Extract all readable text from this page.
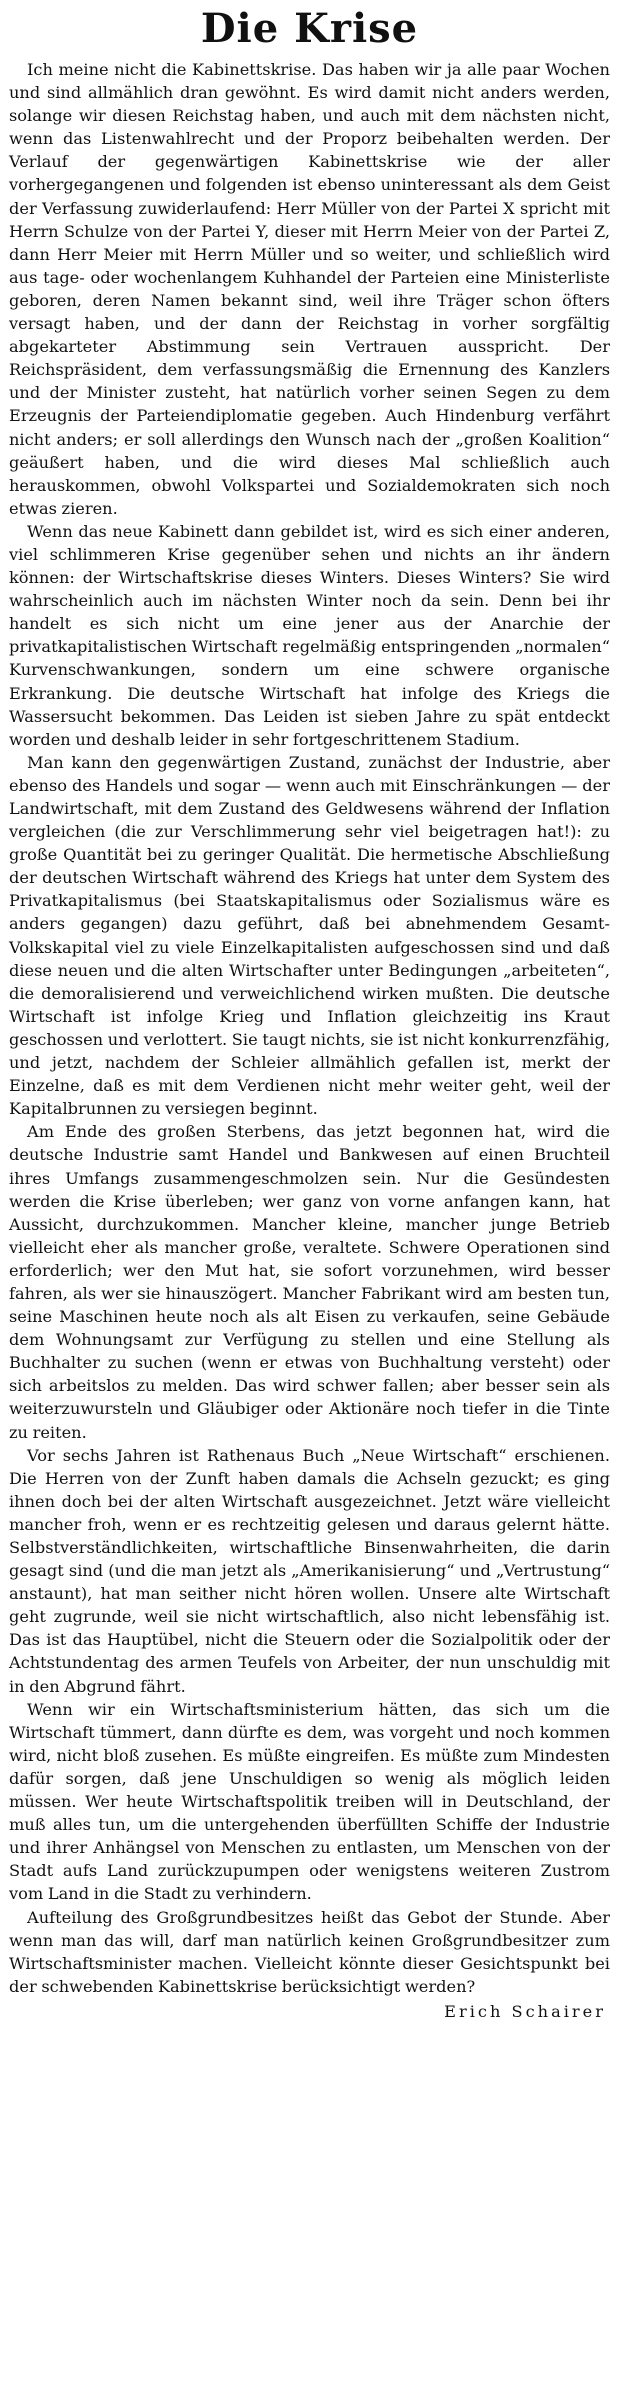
Die Krise

Ich meine nicht die Kabinettskrise. Das haben wir ja alle paar Wochen und sind allmählich dran gewöhnt. Es wird damit nicht anders werden, solange wir diesen Reichstag haben, und auch mit dem nächsten nicht, wenn das Listenwahlrecht und der Proporz beibehalten werden. Der Verlauf der gegenwärtigen Kabinettskrise wie der aller vorhergegangenen und folgenden ist ebenso uninteressant als dem Geist der Verfassung zuwiderlaufend: Herr Müller von der Partei X spricht mit Herrn Schulze von der Partei Y, dieser mit Herrn Meier von der Partei Z, dann Herr Meier mit Herrn Müller und so weiter, und schließlich wird aus tage- oder wochenlangem Kuhhandel der Parteien eine Ministerliste geboren, deren Namen bekannt sind, weil ihre Träger schon öfters versagt haben, und der dann der Reichstag in vorher sorgfältig abgekarteter Abstimmung sein Vertrauen ausspricht. Der Reichspräsident, dem verfassungsmäßig die Ernennung des Kanzlers und der Minister zusteht, hat natürlich vorher seinen Segen zu dem Erzeugnis der Parteiendiplomatie gegeben. Auch Hindenburg verfährt nicht anders; er soll allerdings den Wunsch nach der „großen Koalition“ geäußert haben, und die wird dieses Mal schließlich auch herauskommen, obwohl Volkspartei und Sozialdemokraten sich noch etwas zieren.

Wenn das neue Kabinett dann gebildet ist, wird es sich einer anderen, viel schlimmeren Krise gegenüber sehen und nichts an ihr ändern können: der Wirtschaftskrise dieses Winters. Dieses Winters? Sie wird wahrscheinlich auch im nächsten Winter noch da sein. Denn bei ihr handelt es sich nicht um eine jener aus der Anarchie der privatkapitalistischen Wirtschaft regelmäßig entspringenden „normalen“ Kurvenschwankungen, sondern um eine schwere organische Erkrankung. Die deutsche Wirtschaft hat infolge des Kriegs die Wassersucht bekommen. Das Leiden ist sieben Jahre zu spät entdeckt worden und deshalb leider in sehr fortgeschrittenem Stadium.

Man kann den gegenwärtigen Zustand, zunächst der Industrie, aber ebenso des Handels und sogar — wenn auch mit Einschränkungen — der Landwirtschaft, mit dem Zustand des Geldwesens während der Inflation vergleichen (die zur Verschlimmerung sehr viel beigetragen hat!): zu große Quantität bei zu geringer Qualität. Die hermetische Abschließung der deutschen Wirtschaft während des Kriegs hat unter dem System des Privatkapitalismus (bei Staatskapitalismus oder Sozialismus wäre es anders gegangen) dazu geführt, daß bei abnehmendem Gesamt-Volkskapital viel zu viele Einzelkapitalisten aufgeschossen sind und daß diese neuen und die alten Wirtschafter unter Bedingungen „arbeiteten“, die demoralisierend und verweichlichend wirken mußten. Die deutsche Wirtschaft ist infolge Krieg und Inflation gleichzeitig ins Kraut geschossen und verlottert. Sie taugt nichts, sie ist nicht konkurrenzfähig, und jetzt, nachdem der Schleier allmählich gefallen ist, merkt der Einzelne, daß es mit dem Verdienen nicht mehr weiter geht, weil der Kapitalbrunnen zu versiegen beginnt.

Am Ende des großen Sterbens, das jetzt begonnen hat, wird die deutsche Industrie samt Handel und Bankwesen auf einen Bruchteil ihres Umfangs zusammengeschmolzen sein. Nur die Gesündesten werden die Krise überleben; wer ganz von vorne anfangen kann, hat Aussicht, durchzukommen. Mancher kleine, mancher junge Betrieb vielleicht eher als mancher große, veraltete. Schwere Operationen sind erforderlich; wer den Mut hat, sie sofort vorzunehmen, wird besser fahren, als wer sie hinauszögert. Mancher Fabrikant wird am besten tun, seine Maschinen heute noch als alt Eisen zu verkaufen, seine Gebäude dem Wohnungsamt zur Verfügung zu stellen und eine Stellung als Buchhalter zu suchen (wenn er etwas von Buchhaltung versteht) oder sich arbeitslos zu melden. Das wird schwer fallen; aber besser sein als weiterzuwursteln und Gläubiger oder Aktionäre noch tiefer in die Tinte zu reiten.

Vor sechs Jahren ist Rathenaus Buch „Neue Wirtschaft“ erschienen. Die Herren von der Zunft haben damals die Achseln gezuckt; es ging ihnen doch bei der alten Wirtschaft ausgezeichnet. Jetzt wäre vielleicht mancher froh, wenn er es rechtzeitig gelesen und daraus gelernt hätte. Selbstverständlichkeiten, wirtschaftliche Binsenwahrheiten, die darin gesagt sind (und die man jetzt als „Amerikanisierung“ und „Vertrustung“ anstaunt), hat man seither nicht hören wollen. Unsere alte Wirtschaft geht zugrunde, weil sie nicht wirtschaftlich, also nicht lebensfähig ist. Das ist das Hauptübel, nicht die Steuern oder die Sozialpolitik oder der Achtstundentag des armen Teufels von Arbeiter, der nun unschuldig mit in den Abgrund fährt.

Wenn wir ein Wirtschaftsministerium hätten, das sich um die Wirtschaft tümmert, dann dürfte es dem, was vorgeht und noch kommen wird, nicht bloß zusehen. Es müßte eingreifen. Es müßte zum Mindesten dafür sorgen, daß jene Unschuldigen so wenig als möglich leiden müssen. Wer heute Wirtschaftspolitik treiben will in Deutschland, der muß alles tun, um die untergehenden überfüllten Schiffe der Industrie und ihrer Anhängsel von Menschen zu entlasten, um Menschen von der Stadt aufs Land zurückzupumpen oder wenigstens weiteren Zustrom vom Land in die Stadt zu verhindern.

Aufteilung des Großgrundbesitzes heißt das Gebot der Stunde. Aber wenn man das will, darf man natürlich keinen Großgrundbesitzer zum Wirtschaftsminister machen. Vielleicht könnte dieser Gesichtspunkt bei der schwebenden Kabinettskrise berücksichtigt werden?

Erich Schairer
